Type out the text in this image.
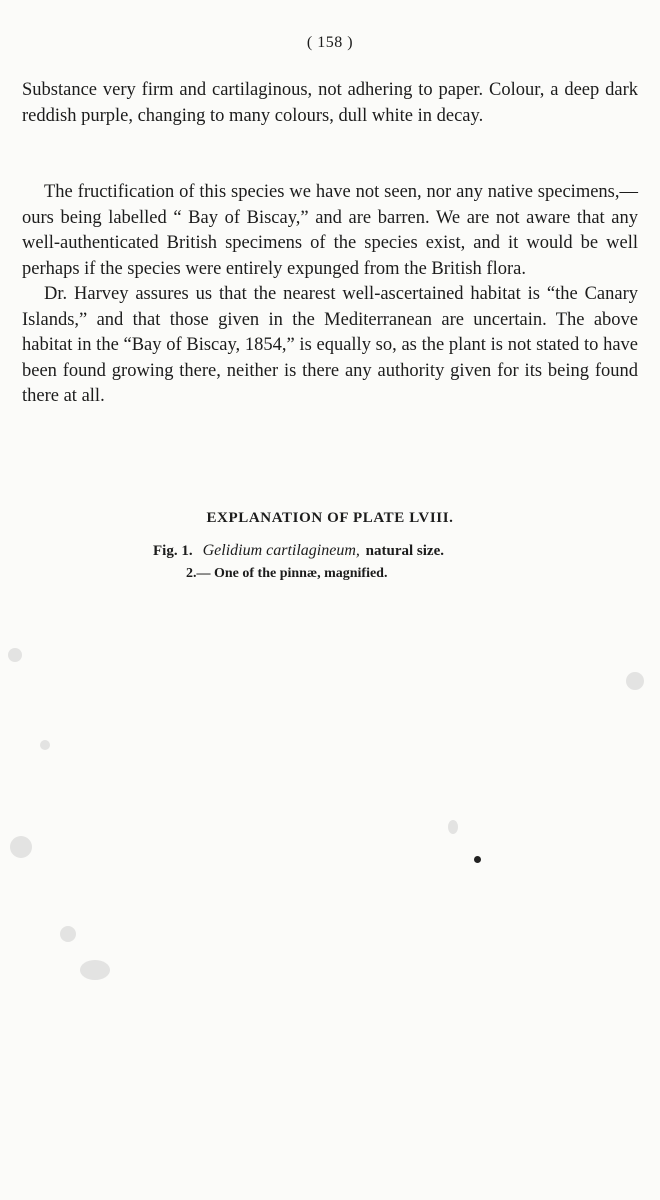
( 158 )

Substance very firm and cartilaginous, not adhering to paper. Colour, a deep dark reddish purple, changing to many colours, dull white in decay.

The fructification of this species we have not seen, nor any native specimens,—ours being labelled “ Bay of Biscay,” and are barren. We are not aware that any well-authenticated British specimens of the species exist, and it would be well perhaps if the species were entirely expunged from the British flora.

Dr. Harvey assures us that the nearest well-ascertained habitat is “the Canary Islands,” and that those given in the Mediterranean are uncertain. The above habitat in the “Bay of Biscay, 1854,” is equally so, as the plant is not stated to have been found growing there, neither is there any authority given for its being found there at all.

EXPLANATION OF PLATE LVIII.
Fig. 1. Gelidium cartilagineum, natural size.
2.— One of the pinnæ, magnified.
